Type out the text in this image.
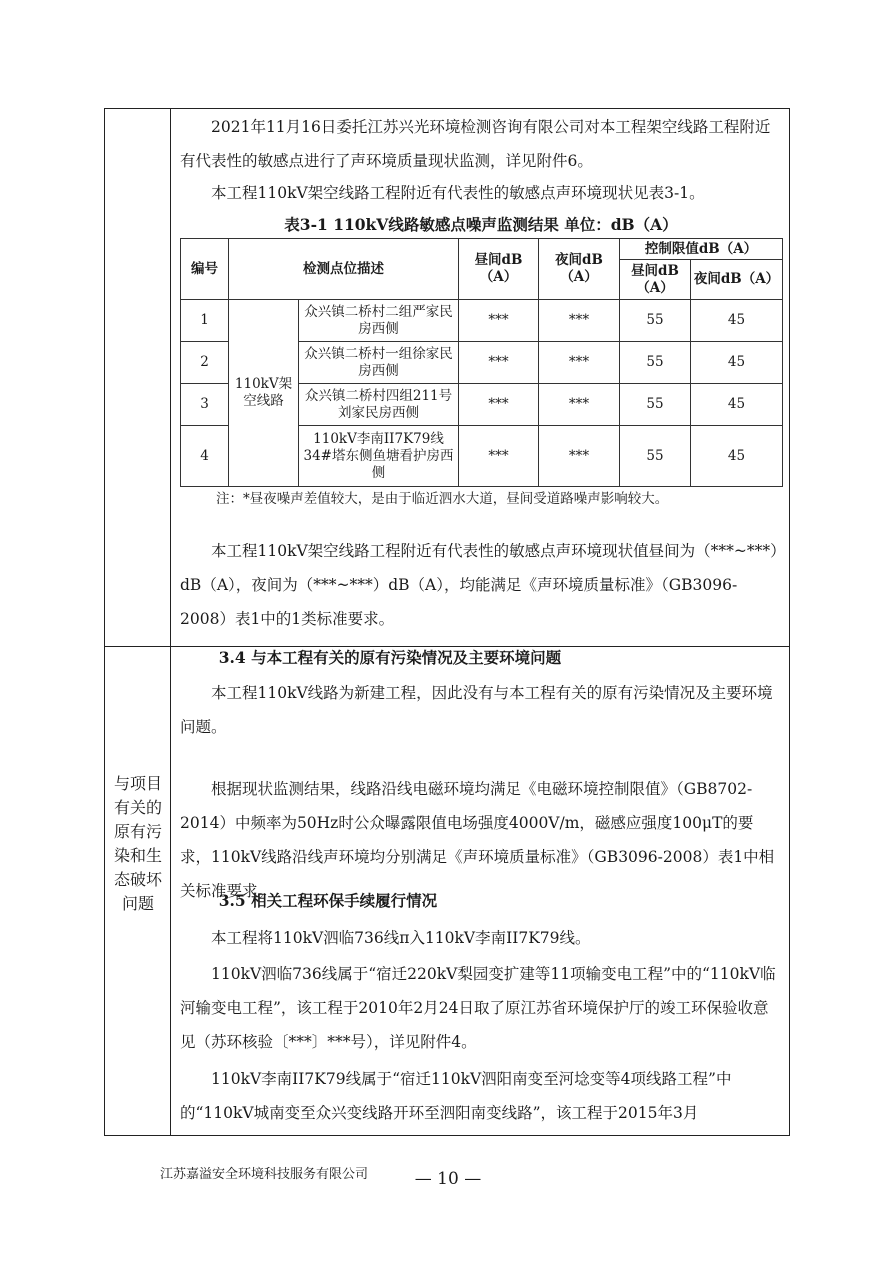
与项目有关的原有污染和生态破坏问题

2021年11月16日委托江苏兴光环境检测咨询有限公司对本工程架空线路工程附近有代表性的敏感点进行了声环境质量现状监测，详见附件6。

本工程110kV架空线路工程附近有代表性的敏感点声环境现状见表3-1。

表3-1 110kV线路敏感点噪声监测结果 单位：dB（A）
编号	检测点位描述		昼间dB（A）	夜间dB（A）	控制限值dB（A）	
					昼间dB（A）	夜间dB（A）
1	110kV架空线路	众兴镇二桥村二组严家民房西侧	***	***	55	45
2		众兴镇二桥村一组徐家民房西侧	***	***	55	45
3		众兴镇二桥村四组211号刘家民房西侧	***	***	55	45
4		110kV李南II7K79线34#塔东侧鱼塘看护房西侧	***	***	55	45
注：*昼夜噪声差值较大，是由于临近泗水大道，昼间受道路噪声影响较大。

本工程110kV架空线路工程附近有代表性的敏感点声环境现状值昼间为（***~***）dB（A），夜间为（***~***）dB（A），均能满足《声环境质量标准》（GB3096-2008）表1中的1类标准要求。

3.4 与本工程有关的原有污染情况及主要环境问题

本工程110kV线路为新建工程，因此没有与本工程有关的原有污染情况及主要环境问题。

根据现状监测结果，线路沿线电磁环境均满足《电磁环境控制限值》（GB8702-2014）中频率为50Hz时公众曝露限值电场强度4000V/m，磁感应强度100μT的要求，110kV线路沿线声环境均分别满足《声环境质量标准》（GB3096-2008）表1中相关标准要求。

3.5 相关工程环保手续履行情况

本工程将110kV泗临736线π入110kV李南II7K79线。

110kV泗临736线属于“宿迁220kV梨园变扩建等11项输变电工程”中的“110kV临河输变电工程”，该工程于2010年2月24日取了原江苏省环境保护厅的竣工环保验收意见（苏环核验〔***〕***号），详见附件4。

110kV李南II7K79线属于“宿迁110kV泗阳南变至河埝变等4项线路工程”中的“110kV城南变至众兴变线路开环至泗阳南变线路”，该工程于2015年3月

江苏嘉溢安全环境科技服务有限公司	— 10 —
